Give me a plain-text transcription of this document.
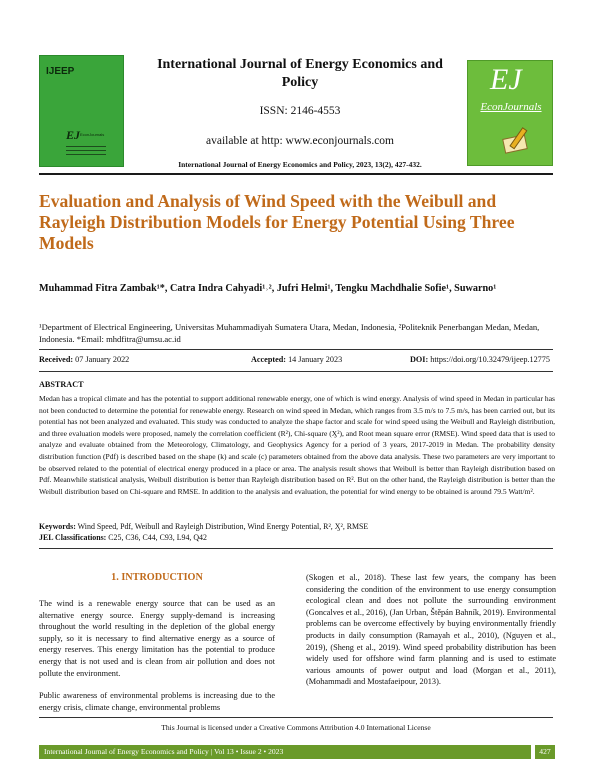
IJEEP
EJ EconJournals
International Journal of Energy Economics and Policy
ISSN: 2146-4553
available at http: www.econjournals.com
International Journal of Energy Economics and Policy, 2023, 13(2), 427-432.
EJ
EconJournals
Evaluation and Analysis of Wind Speed with the Weibull and Rayleigh Distribution Models for Energy Potential Using Three Models
Muhammad Fitra Zambak¹*, Catra Indra Cahyadi¹˒², Jufri Helmi¹, Tengku Machdhalie Sofie¹, Suwarno¹
¹Department of Electrical Engineering, Universitas Muhammadiyah Sumatera Utara, Medan, Indonesia, ²Politeknik Penerbangan Medan, Medan, Indonesia. *Email: mhdfitra@umsu.ac.id
Received: 07 January 2022	Accepted: 14 January 2023	DOI: https://doi.org/10.32479/ijeep.12775
ABSTRACT
Medan has a tropical climate and has the potential to support additional renewable energy, one of which is wind energy. Analysis of wind speed in Medan in particular has not been conducted to determine the potential for renewable energy. Research on wind speed in Medan, which ranges from 3.5 m/s to 7.5 m/s, has been carried out, but its potential has not been analyzed and evaluated. This study was conducted to analyze the shape factor and scale for wind speed using the Weibull and Rayleigh distribution, and three evaluation models were proposed, namely the correlation coefficient (R²), Chi-square (Ӽ²), and Root mean square error (RMSE). Wind speed data that is used to analyze and evaluate obtained from the Meteorology, Climatology, and Geophysics Agency for a period of 3 years, 2017-2019 in Medan. The probability density distribution function (Pdf) is described based on the shape (k) and scale (c) parameters obtained from the above data analysis. These two parameters are very important to be observed related to the potential of electrical energy produced in a place or area. The analysis result shows that Weibull is better than Rayleigh distribution based on Pdf. Meanwhile statistical analysis, Weibull distribution is better than Rayleigh distribution based on R². But on the other hand, the Rayleigh distribution is better than the Weibull distribution based on Chi-square and RMSE. In addition to the analysis and evaluation, the potential for wind energy to be obtained is around 79.5 Watt/m².
Keywords: Wind Speed, Pdf, Weibull and Rayleigh Distribution, Wind Energy Potential, R², Ӽ², RMSE
JEL Classifications: C25, C36, C44, C93, L94, Q42
1. INTRODUCTION

The wind is a renewable energy source that can be used as an alternative energy source. Energy supply-demand is increasing throughout the world resulting in the depletion of the global energy supply, so it is necessary to find alternative energy as a source of energy reserves. This energy limitation has the potential to produce energy that is not used and is clean from air pollution and does not pollute the environment.

Public awareness of environmental problems is increasing due to the energy crisis, climate change, environmental problems

(Skogen et al., 2018). These last few years, the company has been considering the condition of the environment to use energy consumption ecological clean and does not pollute the surrounding environment (Goncalves et al., 2016), (Jan Urban, Štěpán Bahník, 2019). Environmental problems can be overcome effectively by buying environmentally friendly products in daily consumption (Ramayah et al., 2010), (Nguyen et al., 2019), (Sheng et al., 2019). Wind speed probability distribution has been widely used for offshore wind farm planning and is used to estimate various amounts of power output and load (Morgan et al., 2011), (Mohammadi and Mostafaeipour, 2013).

This Journal is licensed under a Creative Commons Attribution 4.0 International License
International Journal of Energy Economics and Policy | Vol 13 • Issue 2 • 2023	427
